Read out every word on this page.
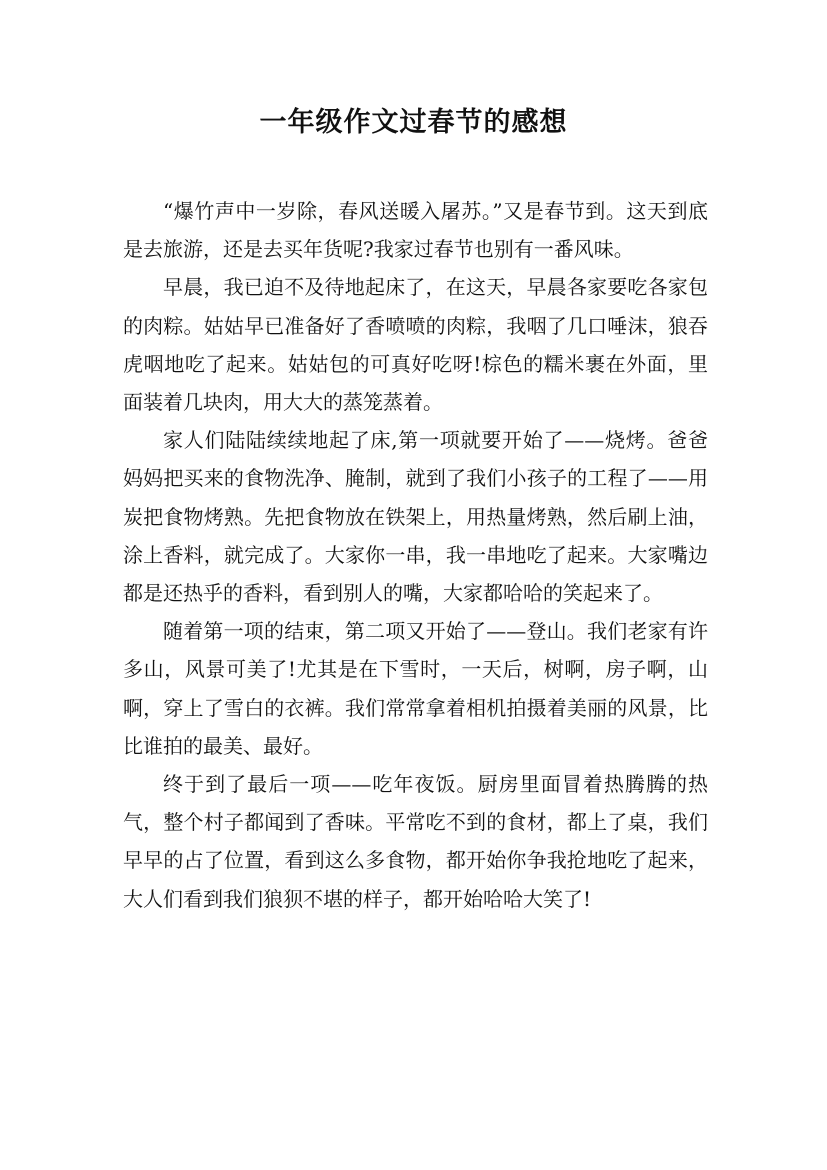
一年级作文过春节的感想

“爆竹声中一岁除，春风送暖入屠苏。”又是春节到。这天到底是去旅游，还是去买年货呢?我家过春节也别有一番风味。

早晨，我已迫不及待地起床了，在这天，早晨各家要吃各家包的肉粽。姑姑早已准备好了香喷喷的肉粽，我咽了几口唾沫，狼吞虎咽地吃了起来。姑姑包的可真好吃呀!棕色的糯米裹在外面，里面装着几块肉，用大大的蒸笼蒸着。

家人们陆陆续续地起了床,第一项就要开始了——烧烤。爸爸妈妈把买来的食物洗净、腌制，就到了我们小孩子的工程了——用炭把食物烤熟。先把食物放在铁架上，用热量烤熟，然后刷上油，涂上香料，就完成了。大家你一串，我一串地吃了起来。大家嘴边都是还热乎的香料，看到别人的嘴，大家都哈哈的笑起来了。

随着第一项的结束，第二项又开始了——登山。我们老家有许多山，风景可美了!尤其是在下雪时，一天后，树啊，房子啊，山啊，穿上了雪白的衣裤。我们常常拿着相机拍摄着美丽的风景，比比谁拍的最美、最好。

终于到了最后一项——吃年夜饭。厨房里面冒着热腾腾的热气，整个村子都闻到了香味。平常吃不到的食材，都上了桌，我们早早的占了位置，看到这么多食物，都开始你争我抢地吃了起来，大人们看到我们狼狈不堪的样子，都开始哈哈大笑了!
